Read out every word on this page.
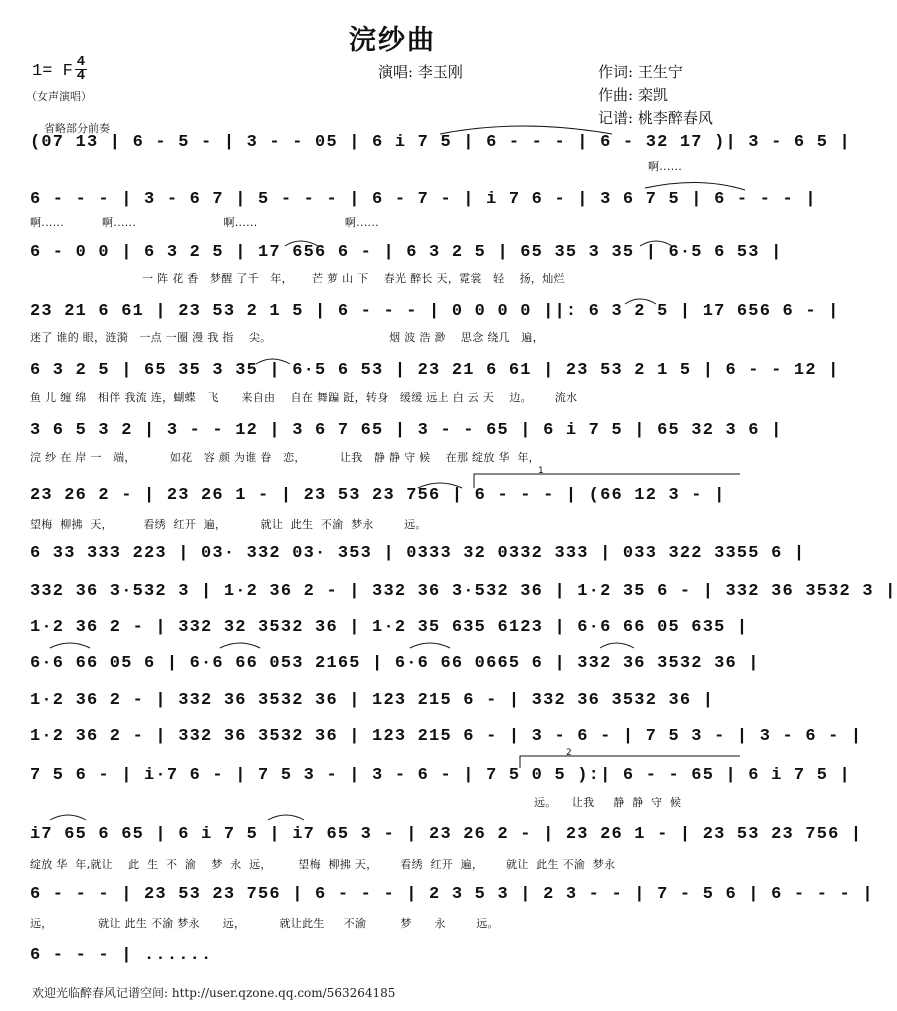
浣纱曲
1= F 4
4
（女声演唱）
演唱: 李玉刚	作词: 王生宁
作曲: 栾凯
记谱: 桃李醉春风
省略部分前奏
(07 13 | 6 - 5 - | 3 - - 05 | 6 i 7 5 | 6 - - - | 6 - 32 17 )| 3 - 6 5 |
啊......
6 - - - | 3 - 6 7 | 5 - - - | 6 - 7 - | i 7 6 - | 3 6 7 5 | 6 - - - |
啊......          啊......                       啊......                       啊......
6 - 0 0 | 6 3 2 5 | 17 656 6 - | 6 3 2 5 | 65 35 3 35 | 6·5 6 53 |
一 阵 花 香   梦醒 了千   年，     芒 萝 山 下    春光 醉长 天，霓裳   轻    扬，灿烂
23 21 6 61 | 23 53 2 1 5 | 6 - - - | 0 0 0 0 ||: 6 3 2 5 | 17 656 6 - |
迷了 谁的 眼，涟漪   一点 一圈 漫 我 指    尖。                               烟 波 浩 渺    思念 绕几   遍，
6 3 2 5 | 65 35 3 35 | 6·5 6 53 | 23 21 6 61 | 23 53 2 1 5 | 6 - - 12 |
鱼 儿 缠 绵   相伴 我流 连，蝴蝶   飞      来自由    自在 舞蹁 跹，转身   缓缓 远上 白 云 天    边。      流水
3 6 5 3 2 | 3 - - 12 | 3 6 7 65 | 3 - - 65 | 6 i 7 5 | 65 32 3 6 |
浣 纱 在 岸 一   端，         如花   容 颜 为谁 眷   恋，         让我   静 静 守 候    在那 绽放 华  年，
23 26 2 - | 23 26 1 - | 23 53 23 756 | 6 - - - | (66 12 3 - |
望梅  柳拂  天，        看绣  红开  遍，         就让  此生  不渝  梦永        远。
6 33 333 223 | 03· 332 03· 353 | 0333 32 0332 333 | 033 322 3355 6 |
332 36 3·532 3 | 1·2 36 2 - | 332 36 3·532 36 | 1·2 35 6 - | 332 36 3532 3 |
1·2 36 2 - | 332 32 3532 36 | 1·2 35 635 6123 | 6·6 66 05 635 |
6·6 66 05 6 | 6·6 66 053 2165 | 6·6 66 0665 6 | 332 36 3532 36 |
1·2 36 2 - | 332 36 3532 36 | 123 215 6 - | 332 36 3532 36 |
1·2 36 2 - | 332 36 3532 36 | 123 215 6 - | 3 - 6 - | 7 5 3 - | 3 - 6 - |
7 5 6 - | i·7 6 - | 7 5 3 - | 3 - 6 - | 7 5 0 5 ):| 6 - - 65 | 6 i 7 5 |
远。    让我     静  静  守  候
i7 65 6 65 | 6 i 7 5 | i7 65 3 - | 23 26 2 - | 23 26 1 - | 23 53 23 756 |
绽放 华  年,就让    此  生  不  渝    梦  永  远，       望梅  柳拂 天，      看绣  红开  遍，      就让  此生 不渝  梦永
6 - - - | 23 53 23 756 | 6 - - - | 2 3 5 3 | 2 3 - - | 7 - 5 6 | 6 - - - |
远，            就让 此生 不渝 梦永      远，         就让此生     不渝         梦      永        远。
6 - - - | ......
1
2
欢迎光临醉春风记谱空间: http://user.qzone.qq.com/563264185
